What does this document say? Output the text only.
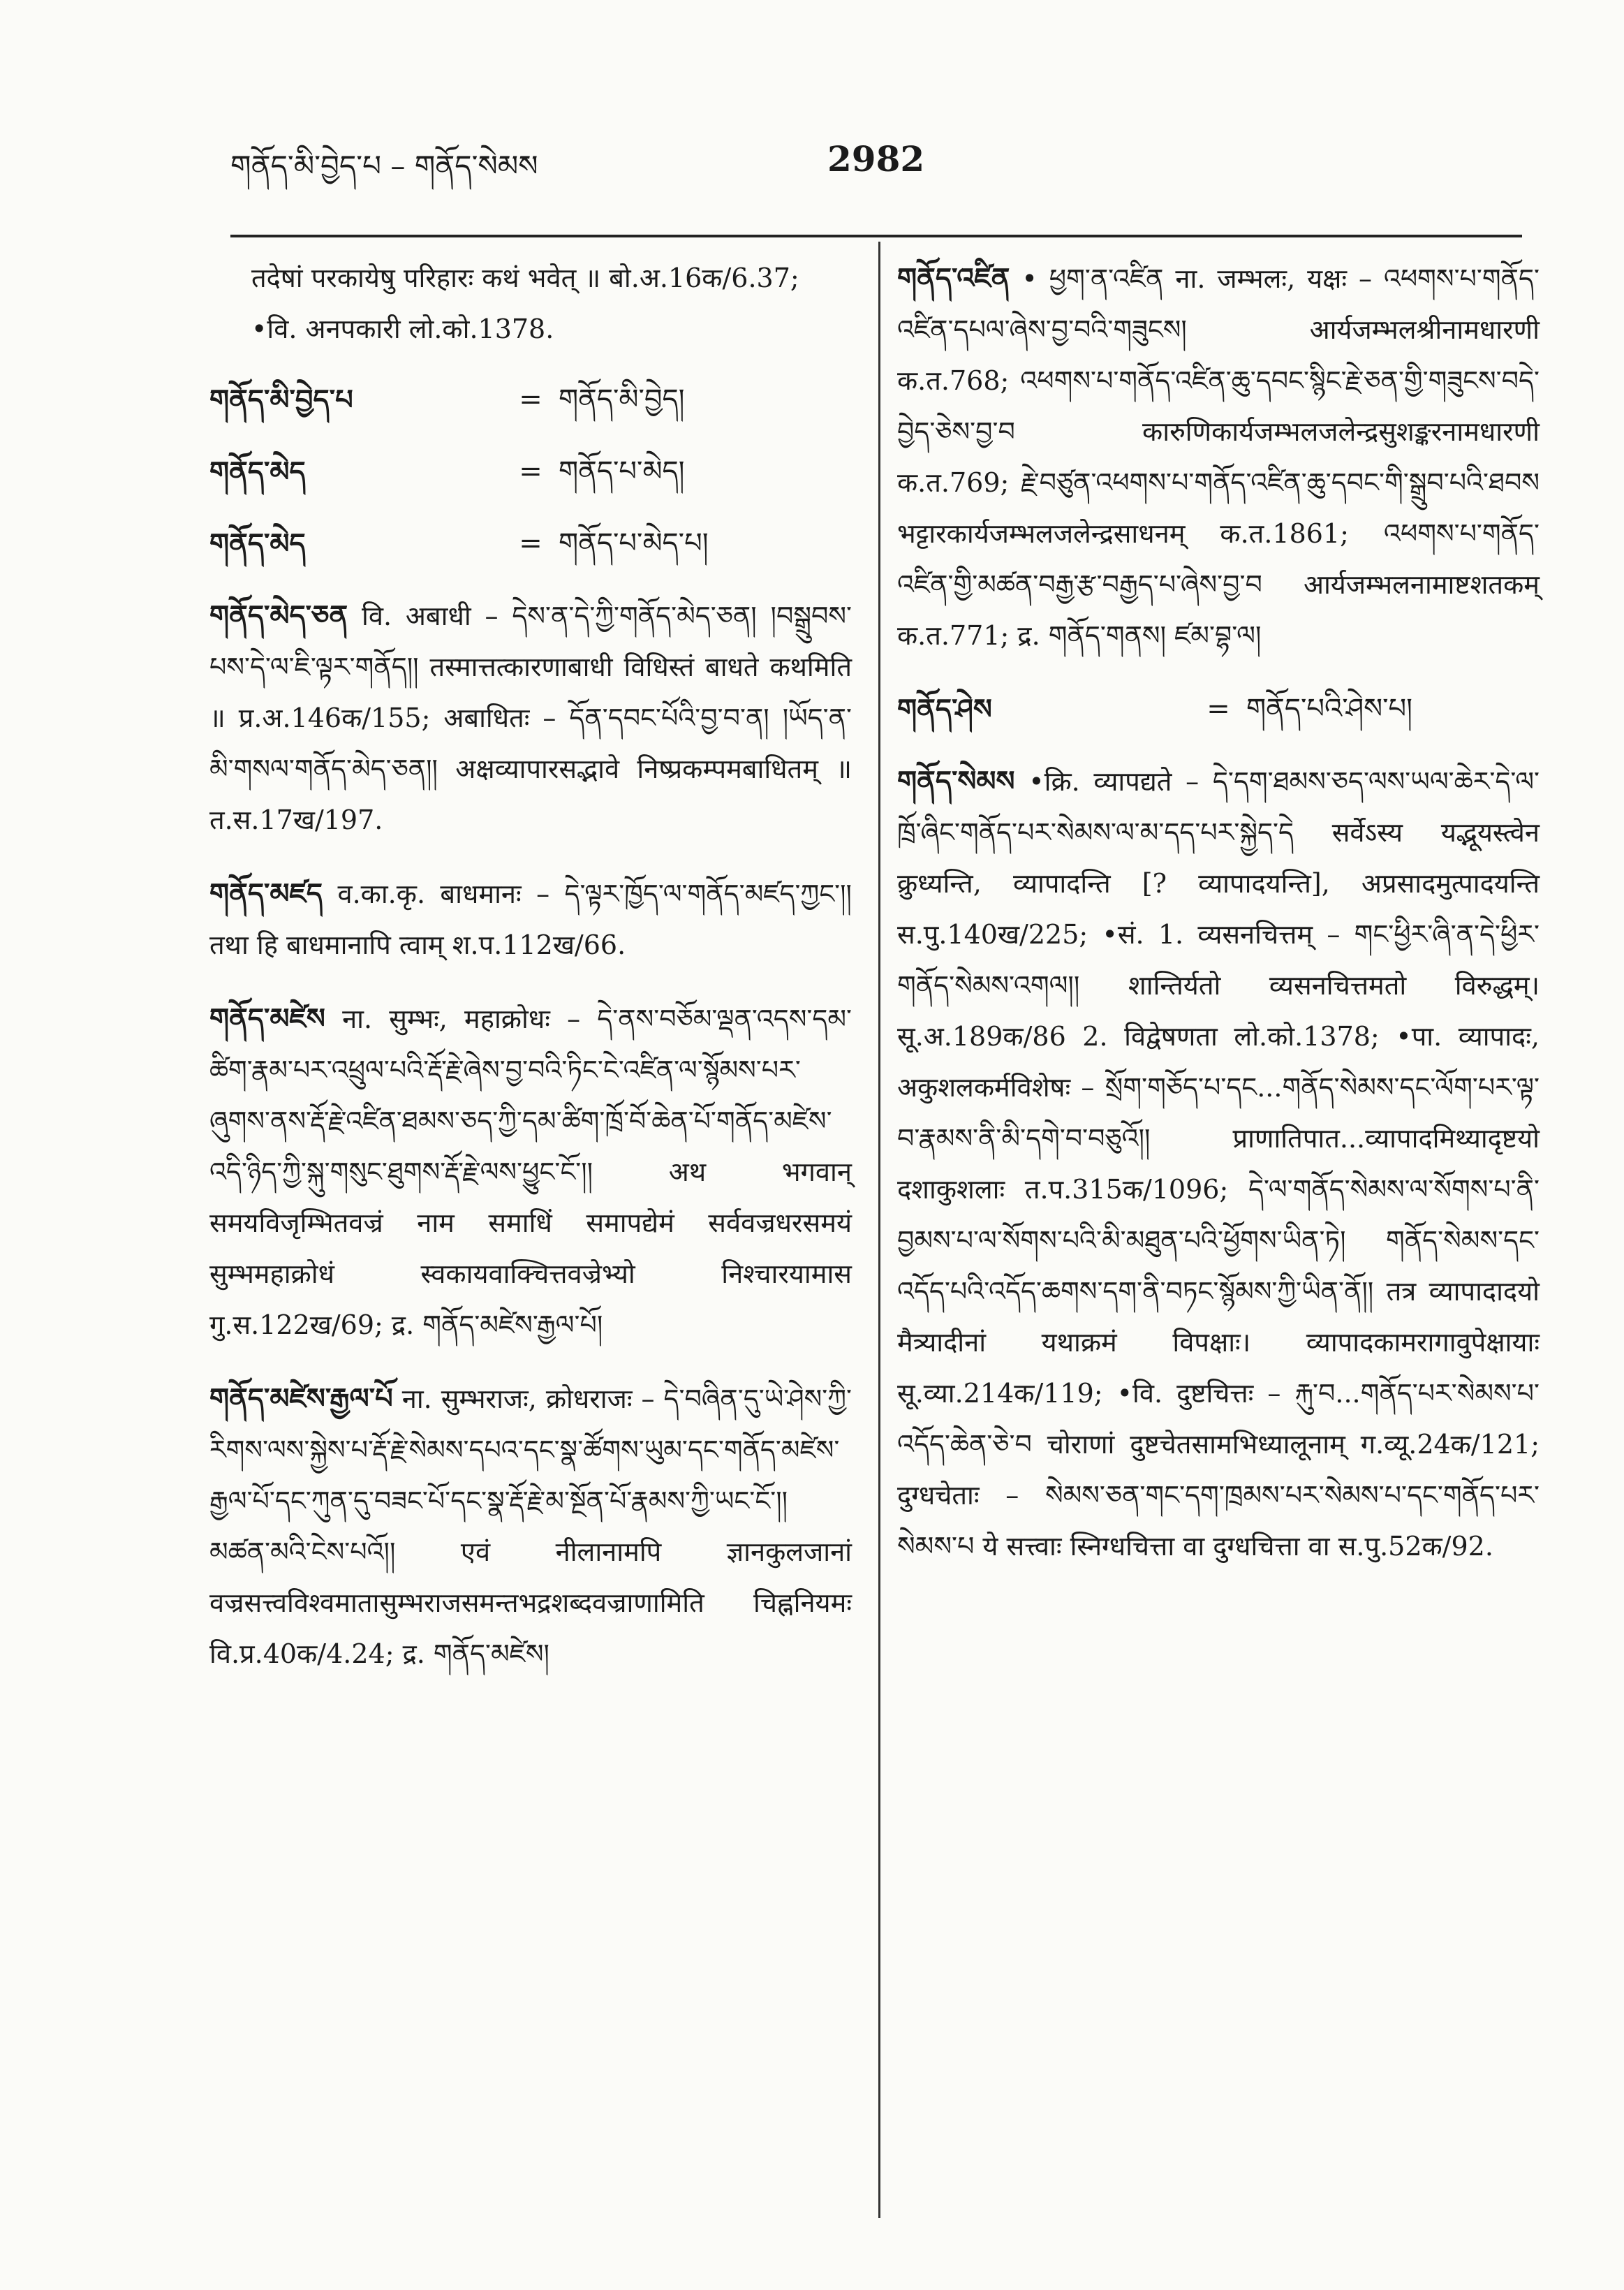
གནོད་མི་བྱེད་པ – གནོད་སེམས	2982
तदेषां परकायेषु परिहारः कथं भवेत् ॥ बो.अ.16क/6.37; •वि. अनपकारी लो.को.1378.
གནོད་མི་བྱེད་པ	= གནོད་མི་བྱེད།
གནོད་མེད	= གནོད་པ་མེད།
གནོད་མེད	= གནོད་པ་མེད་པ།
གནོད་མེད་ཅན वि. अबाधी – དེས་ན་དེ་ཀྱི་གནོད་མེད་ཅན། །བསྒྲུབས་པས་དེ་ལ་ཇི་ལྟར་གནོད།། तस्मात्तत्कारणाबाधी विधिस्तं बाधते कथमिति ॥ प्र.अ.146क/155; अबाधितः – དོན་དབང་པོའི་བྱ་བ་ན། །ཡོད་ན་མི་གསལ་གནོད་མེད་ཅན།། अक्षव्यापारसद्भावे निष्प्रकम्पमबाधितम् ॥ त.स.17ख/197.
གནོད་མཛད व.का.कृ. बाधमानः – དེ་ལྟར་ཁྱོད་ལ་གནོད་མཛད་ཀྱང་།། तथा हि बाधमानापि त्वाम् श.प.112ख/66.
གནོད་མཛེས ना. सुम्भः, महाक्रोधः – དེ་ནས་བཅོམ་ལྡན་འདས་དམ་ཚིག་རྣམ་པར་འཕྲུལ་པའི་རྡོ་རྗེ་ཞེས་བྱ་བའི་ཏིང་ངེ་འཛིན་ལ་སྙོམས་པར་ཞུགས་ནས་རྡོ་རྗེ་འཛིན་ཐམས་ཅད་ཀྱི་དམ་ཚིག་ཁྲོ་བོ་ཆེན་པོ་གནོད་མཛེས་འདི་ཉིད་ཀྱི་སྐུ་གསུང་ཐུགས་རྡོ་རྗེ་ལས་ཕྱུང་ངོ་།། अथ भगवान् समयविजृम्भितवज्रं नाम समाधिं समापद्येमं सर्ववज्रधरसमयं सुम्भमहाक्रोधं स्वकायवाक्चित्तवज्रेभ्यो निश्चारयामास गु.स.122ख/69; द्र. གནོད་མཛེས་རྒྱལ་པོ།
གནོད་མཛེས་རྒྱལ་པོ ना. सुम्भराजः, क्रोधराजः – དེ་བཞིན་དུ་ཡེ་ཤེས་ཀྱི་རིགས་ལས་སྐྱེས་པ་རྡོ་རྗེ་སེམས་དཔའ་དང་སྣ་ཚོགས་ཡུམ་དང་གནོད་མཛེས་རྒྱལ་པོ་དང་ཀུན་དུ་བཟང་པོ་དང་སྣ་རྡོ་རྗེ་མ་སྔོན་པོ་རྣམས་ཀྱི་ཡང་ངོ་།། མཚན་མའི་ངེས་པའོ།། एवं नीलानामपि ज्ञानकुलजानां वज्रसत्त्वविश्वमातासुम्भराजसमन्तभद्रशब्दवज्राणामिति चिह्ननियमः वि.प्र.40क/4.24; द्र. གནོད་མཛེས།
གནོད་འཛིན • ཕྱག་ན་འཛིན ना. जम्भलः, यक्षः – འཕགས་པ་གནོད་འཛིན་དཔལ་ཞེས་བྱ་བའི་གཟུངས། आर्यजम्भलश्रीनामधारणी क.त.768; འཕགས་པ་གནོད་འཛིན་ཆུ་དབང་སྙིང་རྗེ་ཅན་གྱི་གཟུངས་བདེ་བྱེད་ཅེས་བྱ་བ कारुणिकार्यजम्भलजलेन्द्रसुशङ्करनामधारणी क.त.769; རྗེ་བཙུན་འཕགས་པ་གནོད་འཛིན་ཆུ་དབང་གི་སྒྲུབ་པའི་ཐབས भट्टारकार्यजम्भलजलेन्द्रसाधनम् क.त.1861; འཕགས་པ་གནོད་འཛིན་གྱི་མཚན་བརྒྱ་རྩ་བརྒྱད་པ་ཞེས་བྱ་བ आर्यजम्भलनामाष्टशतकम् क.त.771; द्र. གནོད་གནས། ཛམ་བྷ་ལ།
གནོད་ཤེས	= གནོད་པའི་ཤེས་པ།
གནོད་སེམས •क्रि. व्यापद्यते – དེ་དག་ཐམས་ཅད་ལས་ཡལ་ཆེར་དེ་ལ་ཁྲོ་ཞིང་གནོད་པར་སེམས་ལ་མ་དད་པར་སྐྱེད་དེ सर्वेऽस्य यद्भूयस्त्वेन क्रुध्यन्ति, व्यापादन्ति [? व्यापादयन्ति], अप्रसादमुत्पादयन्ति स.पु.140ख/225; •सं. 1. व्यसनचित्तम् – གང་ཕྱིར་ཞི་ན་དེ་ཕྱིར་གནོད་སེམས་འགལ།། शान्तिर्यतो व्यसनचित्तमतो विरुद्धम्। सू.अ.189क/86 2. विद्वेषणता लो.को.1378; •पा. व्यापादः, अकुशलकर्मविशेषः – སྲོག་གཅོད་པ་དང...གནོད་སེམས་དང་ལོག་པར་ལྟ་བ་རྣམས་ནི་མི་དགེ་བ་བཅུའོ།། प्राणातिपात...व्यापादमिथ्यादृष्टयो दशाकुशलाः त.प.315क/1096; དེ་ལ་གནོད་སེམས་ལ་སོགས་པ་ནི་བྱམས་པ་ལ་སོགས་པའི་མི་མཐུན་པའི་ཕྱོགས་ཡིན་ཏེ། གནོད་སེམས་དང་འདོད་པའི་འདོད་ཆགས་དག་ནི་བཏང་སྙོམས་ཀྱི་ཡིན་ནོ།། तत्र व्यापादादयो मैत्र्यादीनां यथाक्रमं विपक्षाः। व्यापादकामरागावुपेक्षायाः सू.व्या.214क/119; •वि. दुष्टचित्तः – རྐུ་བ...གནོད་པར་སེམས་པ་འདོད་ཆེན་ཅེ་བ चोराणां दुष्टचेतसामभिध्यालूनाम् ग.व्यू.24क/121; दुग्धचेताः – སེམས་ཅན་གང་དག་ཁྲམས་པར་སེམས་པ་དང་གནོད་པར་སེམས་པ ये सत्त्वाः स्निग्धचित्ता वा दुग्धचित्ता वा स.पु.52क/92.
